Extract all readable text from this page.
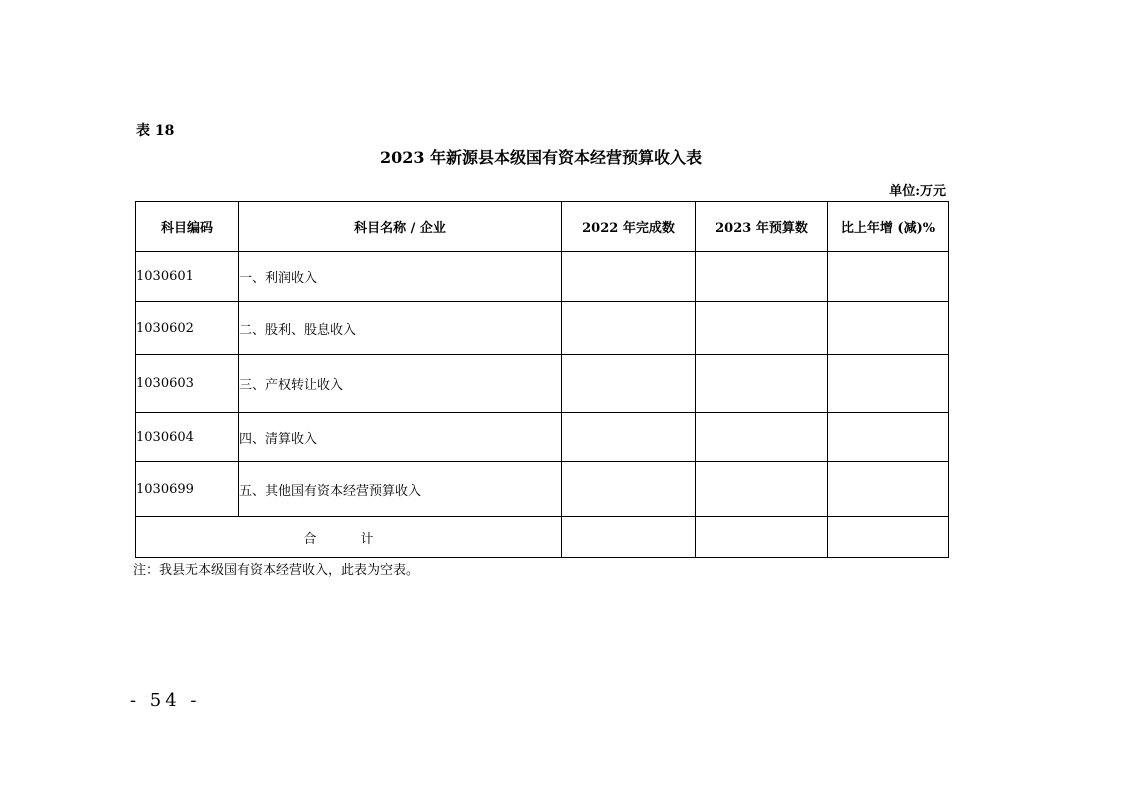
表 18
2023 年新源县本级国有资本经营预算收入表
单位:万元
科目编码	科目名称 / 企业	2022 年完成数	2023 年预算数	比上年增 (减)%
1030601	一、利润收入			
1030602	二、股利、股息收入			
1030603	三、产权转让收入			
1030604	四、清算收入			
1030699	五、其他国有资本经营预算收入			
合 计				
注：我县无本级国有资本经营收入，此表为空表。
- 54 -
